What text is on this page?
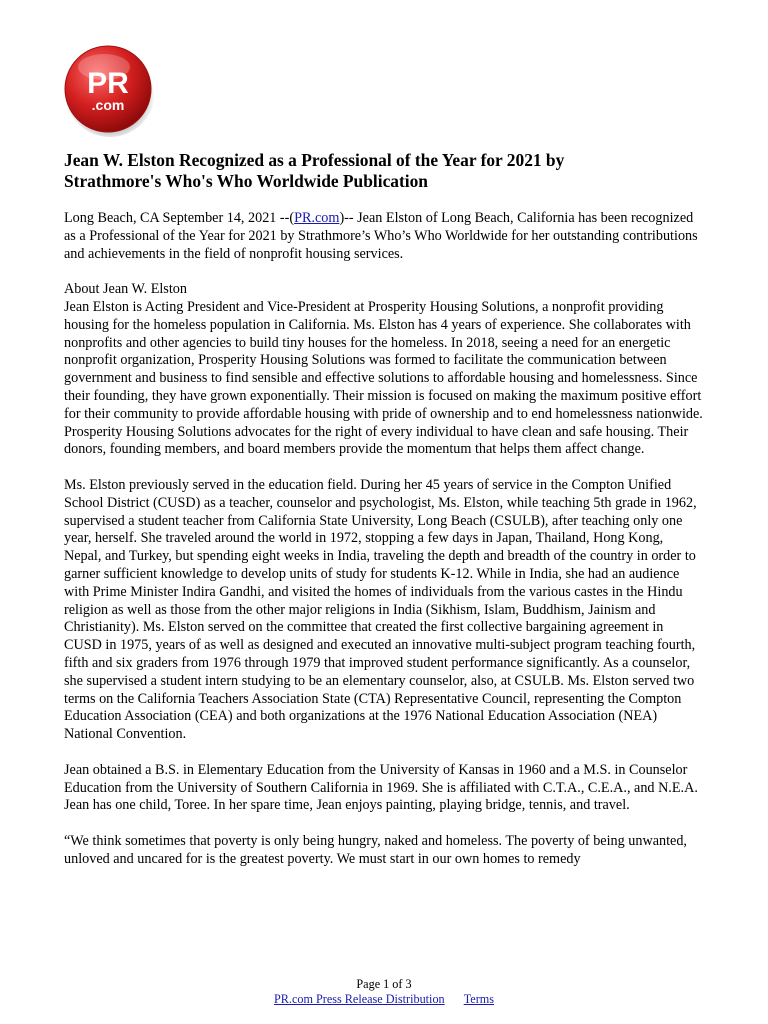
PR
.com
Jean W. Elston Recognized as a Professional of the Year for 2021 by
Strathmore's Who's Who Worldwide Publication

Long Beach, CA September 14, 2021 --(PR.com)-- Jean Elston of Long Beach, California has been recognized as a Professional of the Year for 2021 by Strathmore’s Who’s Who Worldwide for her outstanding contributions and achievements in the field of nonprofit housing services.

About Jean W. Elston

Jean Elston is Acting President and Vice-President at Prosperity Housing Solutions, a nonprofit providing housing for the homeless population in California. Ms. Elston has 4 years of experience. She collaborates with nonprofits and other agencies to build tiny houses for the homeless. In 2018, seeing a need for an energetic nonprofit organization, Prosperity Housing Solutions was formed to facilitate the communication between government and business to find sensible and effective solutions to affordable housing and homelessness. Since their founding, they have grown exponentially. Their mission is focused on making the maximum positive effort for their community to provide affordable housing with pride of ownership and to end homelessness nationwide. Prosperity Housing Solutions advocates for the right of every individual to have clean and safe housing. Their donors, founding members, and board members provide the momentum that helps them affect change.

Ms. Elston previously served in the education field. During her 45 years of service in the Compton Unified School District (CUSD) as a teacher, counselor and psychologist, Ms. Elston, while teaching 5th grade in 1962, supervised a student teacher from California State University, Long Beach (CSULB), after teaching only one year, herself. She traveled around the world in 1972, stopping a few days in Japan, Thailand, Hong Kong, Nepal, and Turkey, but spending eight weeks in India, traveling the depth and breadth of the country in order to garner sufficient knowledge to develop units of study for students K-12. While in India, she had an audience with Prime Minister Indira Gandhi, and visited the homes of individuals from the various castes in the Hindu religion as well as those from the other major religions in India (Sikhism, Islam, Buddhism, Jainism and Christianity). Ms. Elston served on the committee that created the first collective bargaining agreement in CUSD in 1975, years of as well as designed and executed an innovative multi-subject program teaching fourth, fifth and six graders from 1976 through 1979 that improved student performance significantly. As a counselor, she supervised a student intern studying to be an elementary counselor, also, at CSULB. Ms. Elston served two terms on the California Teachers Association State (CTA) Representative Council, representing the Compton Education Association (CEA) and both organizations at the 1976 National Education Association (NEA) National Convention.

Jean obtained a B.S. in Elementary Education from the University of Kansas in 1960 and a M.S. in Counselor Education from the University of Southern California in 1969. She is affiliated with C.T.A., C.E.A., and N.E.A. Jean has one child, Toree. In her spare time, Jean enjoys painting, playing bridge, tennis, and travel.

“We think sometimes that poverty is only being hungry, naked and homeless. The poverty of being unwanted, unloved and uncared for is the greatest poverty. We must start in our own homes to remedy

Page 1 of 3
PR.com Press Release Distribution Terms
